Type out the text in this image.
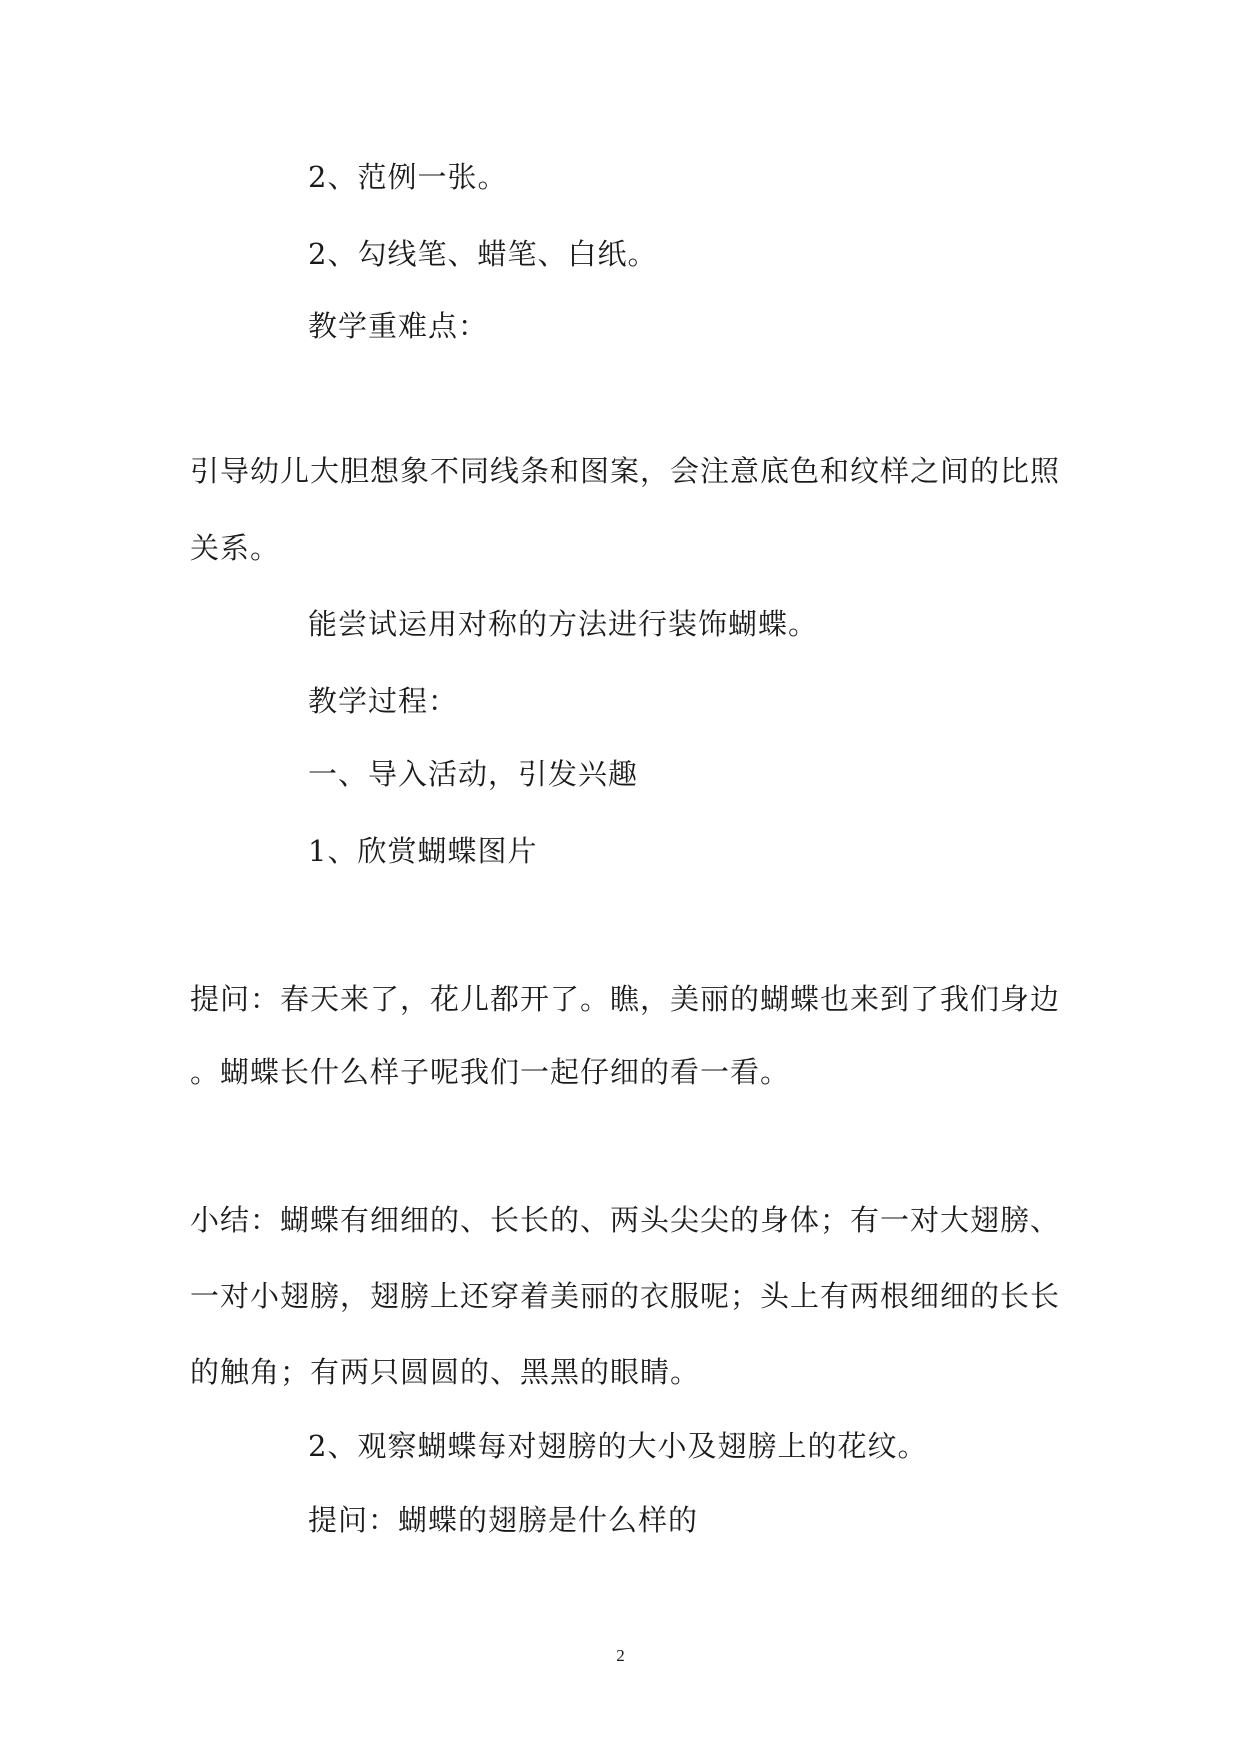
2、范例一张。
2、勾线笔、蜡笔、白纸。
教学重难点：
引导幼儿大胆想象不同线条和图案，会注意底色和纹样之间的比照
关系。
能尝试运用对称的方法进行装饰蝴蝶。
教学过程：
一、导入活动，引发兴趣
1、欣赏蝴蝶图片
提问：春天来了，花儿都开了。瞧，美丽的蝴蝶也来到了我们身边
。蝴蝶长什么样子呢我们一起仔细的看一看。
小结：蝴蝶有细细的、长长的、两头尖尖的身体；有一对大翅膀、
一对小翅膀，翅膀上还穿着美丽的衣服呢；头上有两根细细的长长
的触角；有两只圆圆的、黑黑的眼睛。
2、观察蝴蝶每对翅膀的大小及翅膀上的花纹。
提问：蝴蝶的翅膀是什么样的
2
